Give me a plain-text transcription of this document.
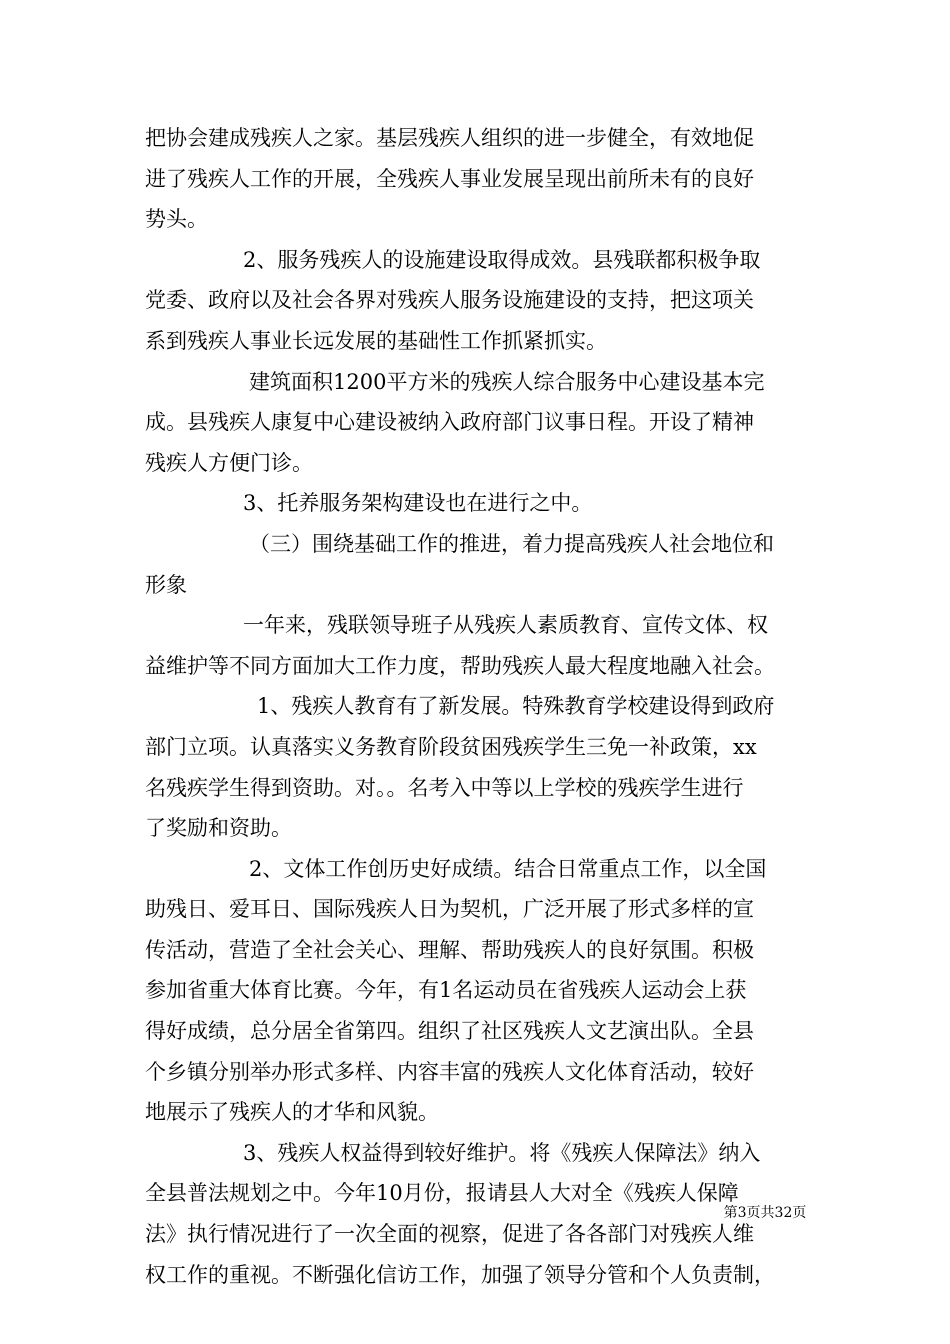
把协会建成残疾人之家。基层残疾人组织的进一步健全，有效地促
进了残疾人工作的开展，全残疾人事业发展呈现出前所未有的良好
势头。

2、服务残疾人的设施建设取得成效。县残联都积极争取
党委、政府以及社会各界对残疾人服务设施建设的支持，把这项关
系到残疾人事业长远发展的基础性工作抓紧抓实。

建筑面积1200平方米的残疾人综合服务中心建设基本完
成。县残疾人康复中心建设被纳入政府部门议事日程。开设了精神
残疾人方便门诊。

3、托养服务架构建设也在进行之中。

（三）围绕基础工作的推进，着力提高残疾人社会地位和
形象

一年来，残联领导班子从残疾人素质教育、宣传文体、权
益维护等不同方面加大工作力度，帮助残疾人最大程度地融入社会。

1、残疾人教育有了新发展。特殊教育学校建设得到政府
部门立项。认真落实义务教育阶段贫困残疾学生三免一补政策，xx
名残疾学生得到资助。对。。名考入中等以上学校的残疾学生进行
了奖励和资助。

2、文体工作创历史好成绩。结合日常重点工作，以全国
助残日、爱耳日、国际残疾人日为契机，广泛开展了形式多样的宣
传活动，营造了全社会关心、理解、帮助残疾人的良好氛围。积极
参加省重大体育比赛。今年，有1名运动员在省残疾人运动会上获
得好成绩，总分居全省第四。组织了社区残疾人文艺演出队。全县
个乡镇分别举办形式多样、内容丰富的残疾人文化体育活动，较好
地展示了残疾人的才华和风貌。

3、残疾人权益得到较好维护。将《残疾人保障法》纳入
全县普法规划之中。今年10月份，报请县人大对全《残疾人保障
法》执行情况进行了一次全面的视察，促进了各各部门对残疾人维
权工作的重视。不断强化信访工作，加强了领导分管和个人负责制，

第3页共32页
